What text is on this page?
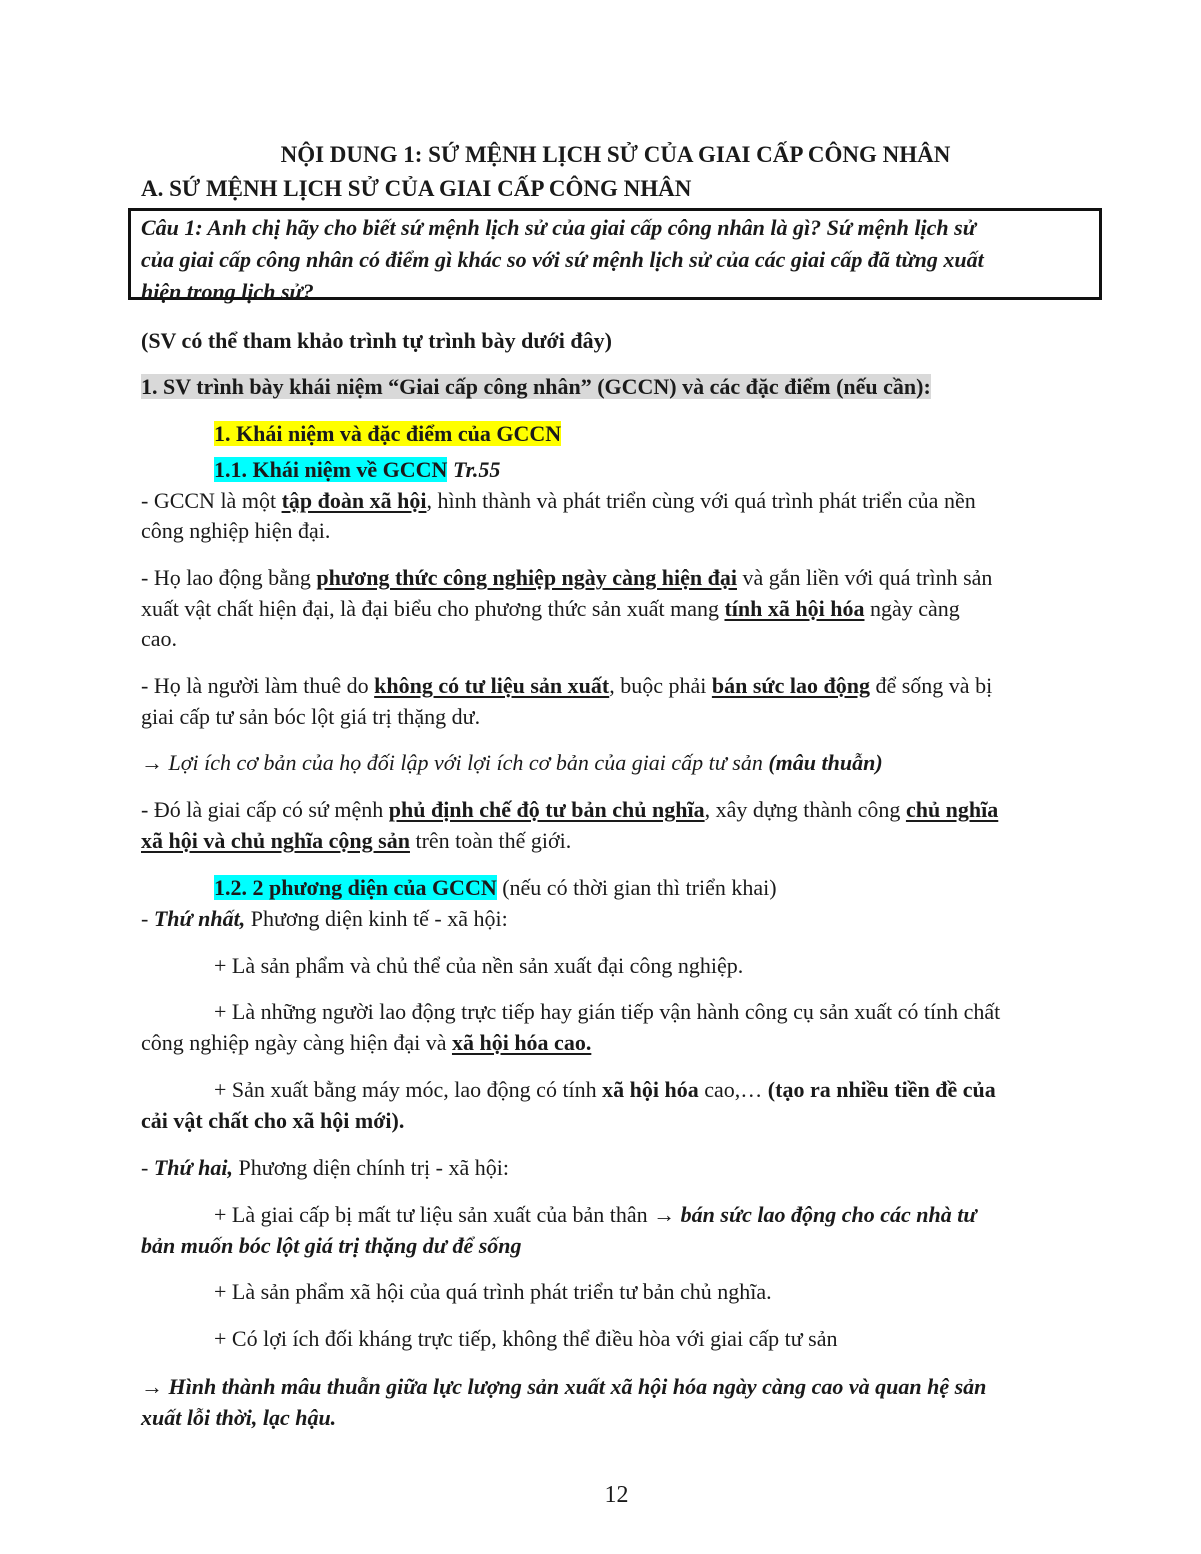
NỘI DUNG 1: SỨ MỆNH LỊCH SỬ CỦA GIAI CẤP CÔNG NHÂN
A. SỨ MỆNH LỊCH SỬ CỦA GIAI CẤP CÔNG NHÂN
Câu 1: Anh chị hãy cho biết sứ mệnh lịch sử của giai cấp công nhân là gì? Sứ mệnh lịch sử
của giai cấp công nhân có điểm gì khác so với sứ mệnh lịch sử của các giai cấp đã từng xuất
hiện trong lịch sử?
(SV có thể tham khảo trình tự trình bày dưới đây)
1. SV trình bày khái niệm “Giai cấp công nhân” (GCCN) và các đặc điểm (nếu cần):
1. Khái niệm và đặc điểm của GCCN
1.1. Khái niệm về GCCN Tr.55
- GCCN là một tập đoàn xã hội, hình thành và phát triển cùng với quá trình phát triển của nền
công nghiệp hiện đại.
- Họ lao động bằng phương thức công nghiệp ngày càng hiện đại và gắn liền với quá trình sản
xuất vật chất hiện đại, là đại biểu cho phương thức sản xuất mang tính xã hội hóa ngày càng
cao.
- Họ là người làm thuê do không có tư liệu sản xuất, buộc phải bán sức lao động để sống và bị
giai cấp tư sản bóc lột giá trị thặng dư.
→ Lợi ích cơ bản của họ đối lập với lợi ích cơ bản của giai cấp tư sản (mâu thuẫn)
- Đó là giai cấp có sứ mệnh phủ định chế độ tư bản chủ nghĩa, xây dựng thành công chủ nghĩa
xã hội và chủ nghĩa cộng sản trên toàn thế giới.
1.2. 2 phương diện của GCCN (nếu có thời gian thì triển khai)
- Thứ nhất, Phương diện kinh tế - xã hội:
+ Là sản phẩm và chủ thể của nền sản xuất đại công nghiệp.
+ Là những người lao động trực tiếp hay gián tiếp vận hành công cụ sản xuất có tính chất
công nghiệp ngày càng hiện đại và xã hội hóa cao.
+ Sản xuất bằng máy móc, lao động có tính xã hội hóa cao,… (tạo ra nhiều tiền đề của
cải vật chất cho xã hội mới).
- Thứ hai, Phương diện chính trị - xã hội:
+ Là giai cấp bị mất tư liệu sản xuất của bản thân → bán sức lao động cho các nhà tư
bản muốn bóc lột giá trị thặng dư để sống
+ Là sản phẩm xã hội của quá trình phát triển tư bản chủ nghĩa.
+ Có lợi ích đối kháng trực tiếp, không thể điều hòa với giai cấp tư sản
→ Hình thành mâu thuẫn giữa lực lượng sản xuất xã hội hóa ngày càng cao và quan hệ sản
xuất lỗi thời, lạc hậu.
12
